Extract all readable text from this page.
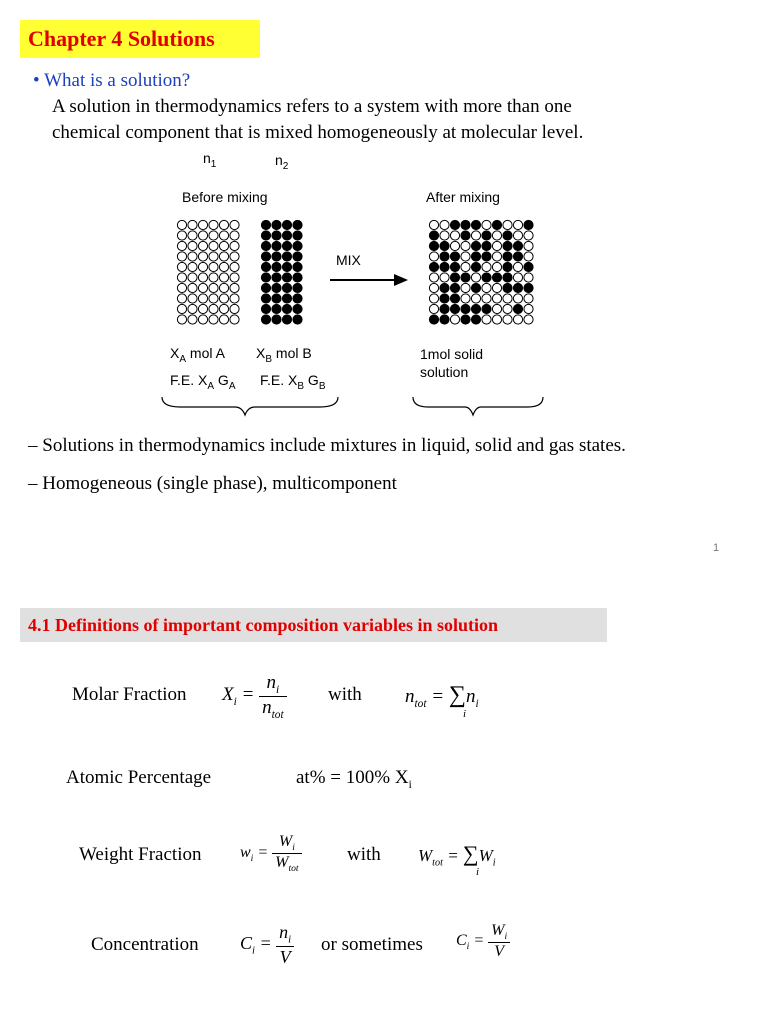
Chapter 4 Solutions
• What is a solution?
A solution in thermodynamics refers to a system with more than one
chemical component that is mixed homogeneously at molecular level.
$n_1$	$n_2$
Before mixing	After mixing
MIX
$X_A$ mol A $X_B$ mol B
F.E. $X_A$ $G_A$ F.E. $X_B$ $G_B$
1mol solid
solution
– Solutions in thermodynamics include mixtures in liquid, solid and gas states.
– Homogeneous (single phase), multicomponent
1
4.1 Definitions of important composition variables in solution
Molar Fraction $X_i = \frac{n_i}{n_{tot}}$ with $n_{tot} = \sum n_i$
i
Atomic Percentage	at% = 100% $X_i$
Weight Fraction $w_i = \frac{W_i}{W_{tot}}$ with $W_{tot} = \sum W_i$
i
Concentration $C_i = \frac{n_i}{V}$ or sometimes $C_i = \frac{W_i}{V}$
